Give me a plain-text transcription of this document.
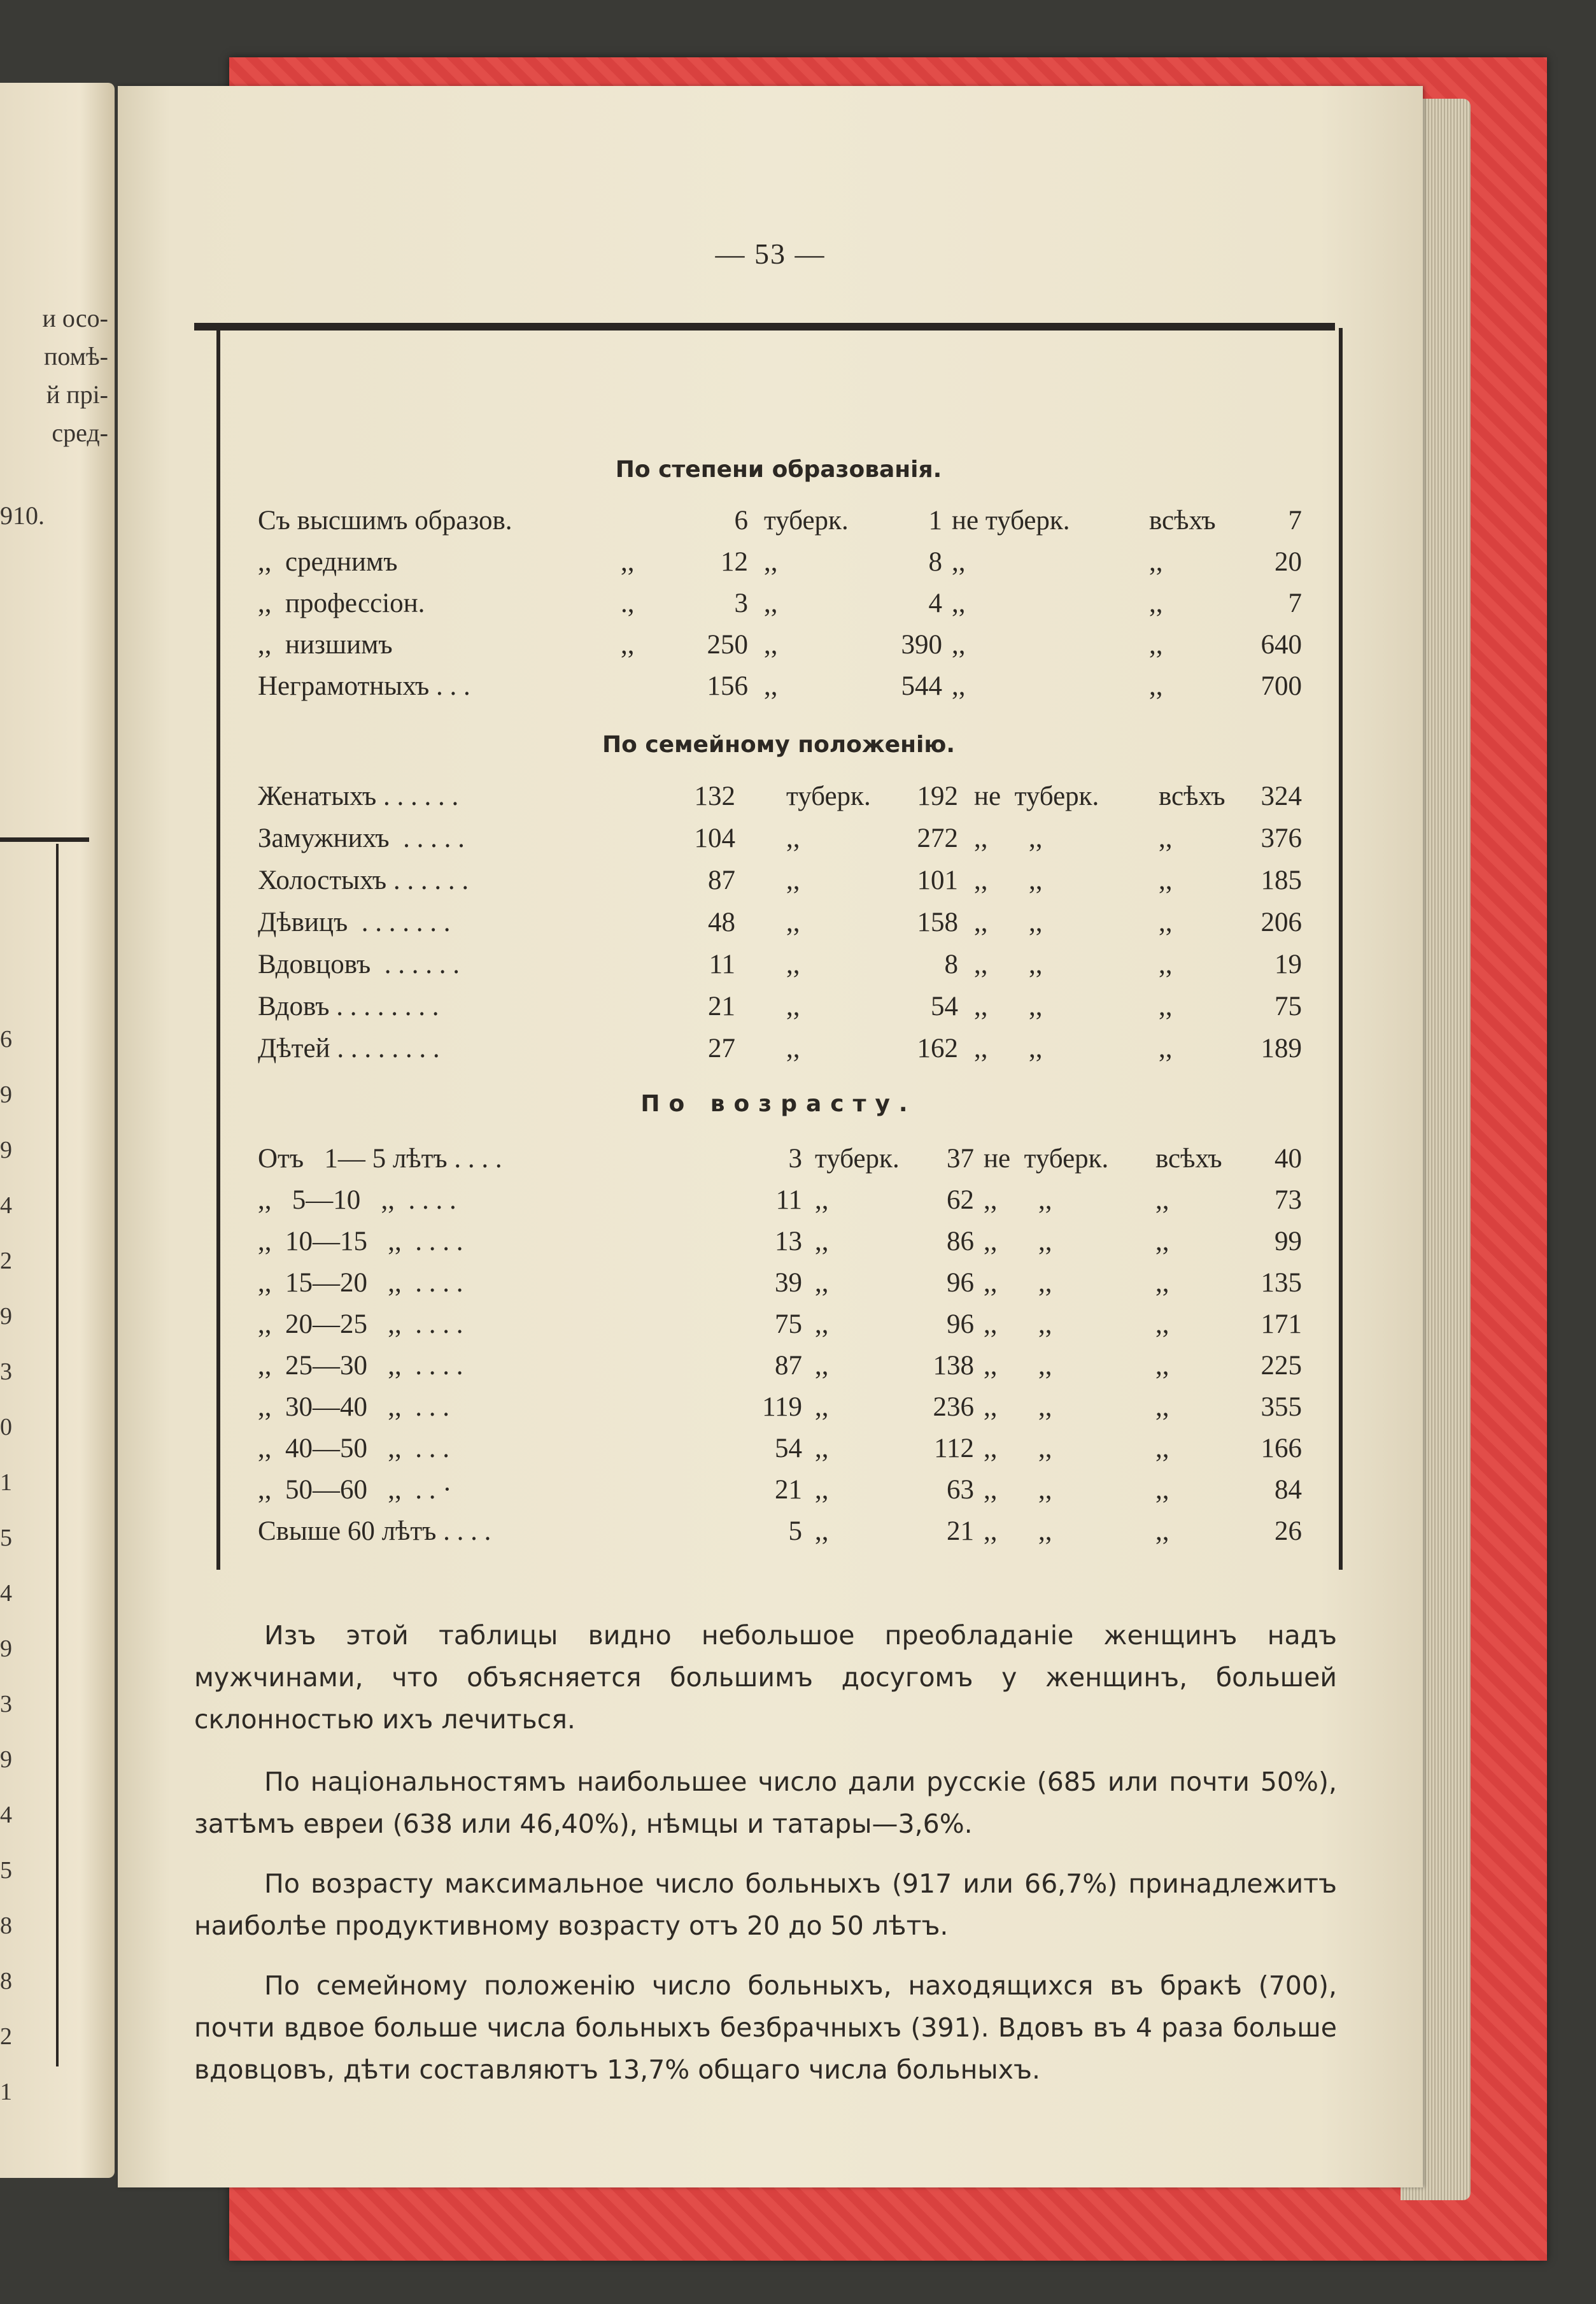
и осо-
помѣ-
й прі-
сред-
910.
6
9
9
4
2
9
3
0
1
5
4
9
3
9
4
5
8
8
2
1
— 53 —
По степени образованія.
Съ высшимъ образов.	6 туберк.	1 не туберк.	всѣхъ	7
,,  среднимъ	,,	12 ,,	8 ,,	,,	20
,,  профессіон.	.,	3 ,,	4 ,,	,,	7
,,  низшимъ	,,	250 ,,	390 ,,	,,	640
Неграмотныхъ . . .	156 ,,	544 ,,	,,	700
По семейному положенію.
Женатыхъ . . . . . .	132 туберк.	192 не  туберк. всѣхъ	324
Замужнихъ  . . . . .	104 ,,	272 ,,      ,,	,,	376
Холостыхъ . . . . . .	87 ,,	101 ,,      ,,	,,	185
Дѣвицъ  . . . . . . .	48 ,,	158 ,,      ,,	,,	206
Вдовцовъ  . . . . . .	11 ,,	8 ,,      ,,	,,	19
Вдовъ . . . . . . . .	21 ,,	54 ,,      ,,	,,	75
Дѣтей . . . . . . . .	27 ,,	162 ,,      ,,	,,	189
По возрасту.
Отъ   1— 5 лѣтъ . . . .	3 туберк.	37 не  туберк. всѣхъ	40
,,   5—10   ,,  . . . .	11 ,,	62 ,,      ,,	,,	73
,,  10—15   ,,  . . . .	13 ,,	86 ,,      ,,	,,	99
,,  15—20   ,,  . . . .	39 ,,	96 ,,      ,,	,,	135
,,  20—25   ,,  . . . .	75 ,,	96 ,,      ,,	,,	171
,,  25—30   ,,  . . . .	87 ,,	138 ,,      ,,	,,	225
,,  30—40   ,,  . . .	119 ,,	236 ,,      ,,	,,	355
,,  40—50   ,,  . . .	54 ,,	112 ,,      ,,	,,	166
,,  50—60   ,,  . . ·	21 ,,	63 ,,      ,,	,,	84
Свыше 60 лѣтъ . . . .	5 ,,	21 ,,      ,,	,,	26
Изъ этой таблицы видно небольшое преобладаніе женщинъ надъ мужчинами, что объясняется большимъ досугомъ у женщинъ, большей склонностью ихъ лечиться.
По національностямъ наибольшее число дали русскіе (685 или почти 50%), затѣмъ евреи (638 или 46,40%), нѣмцы и татары—3,6%.
По возрасту максимальное число больныхъ (917 или 66,7%) принадлежитъ наиболѣе продуктивному возрасту отъ 20 до 50 лѣтъ.
По семейному положенію число больныхъ, находящихся въ бракѣ (700), почти вдвое больше числа больныхъ безбрачныхъ (391). Вдовъ въ 4 раза больше вдовцовъ, дѣти составляютъ 13,7% общаго числа больныхъ.
